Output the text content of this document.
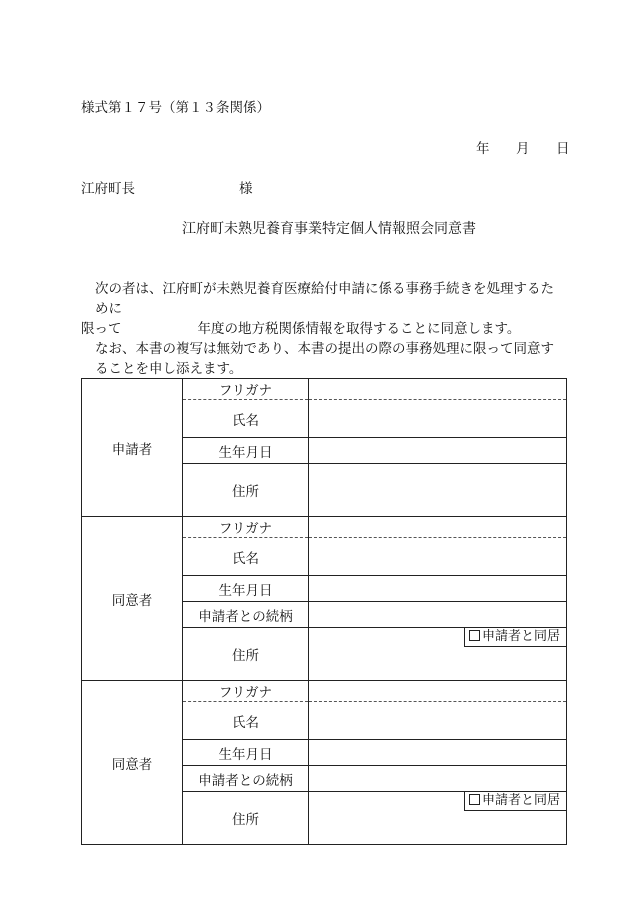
様式第１７号（第１３条関係）
年 月 日
江府町長	様
江府町未熟児養育事業特定個人情報照会同意書
次の者は、江府町が未熟児養育医療給付申請に係る事務手続きを処理するために
限って	年度の地方税関係情報を取得することに同意します。
なお、本書の複写は無効であり、本書の提出の際の事務処理に限って同意することを申し添えます。
申請者	フリガナ	
	氏名	
	生年月日	
	住所	
同意者	フリガナ	
	氏名	
	生年月日	
	申請者との続柄	
	住所	申請者と同居

同意者	フリガナ	
	氏名	
	生年月日	
	申請者との続柄	
	住所	申請者と同居
